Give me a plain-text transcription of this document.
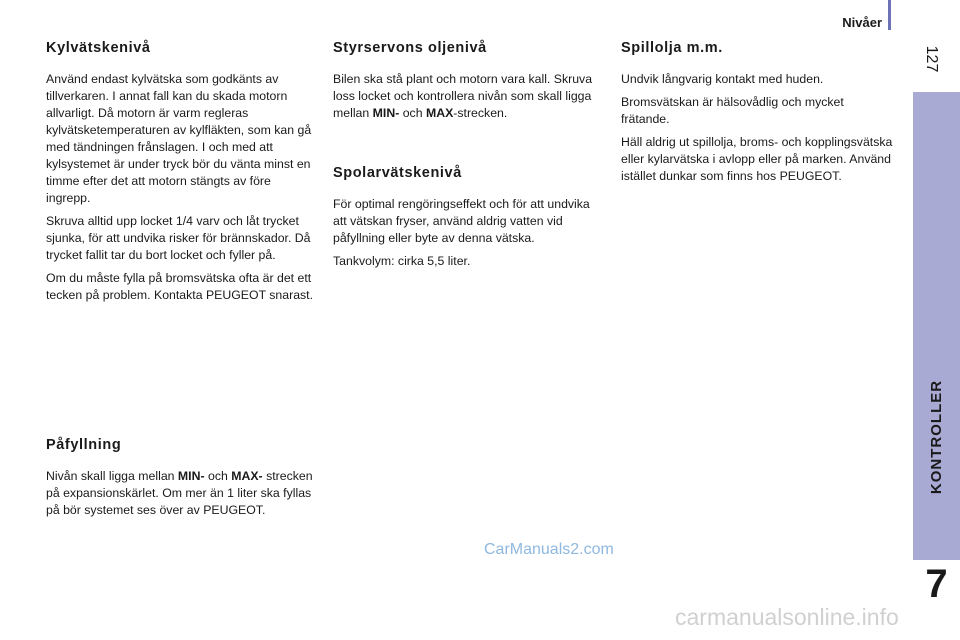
Nivåer
127
KONTROLLER
7
Kylvätskenivå

Använd endast kylvätska som godkänts av tillverkaren. I annat fall kan du skada motorn allvarligt. Då motorn är varm regleras kylvätsketemperaturen av kylfläkten, som kan gå med tändningen frånslagen. I och med att kylsystemet är under tryck bör du vänta minst en timme efter det att motorn stängts av före ingrepp.

Skruva alltid upp locket 1/4 varv och låt trycket sjunka, för att undvika risker för brännskador. Då trycket fallit tar du bort locket och fyller på.

Om du måste fylla på bromsvätska ofta är det ett tecken på problem. Kontakta PEUGEOT snarast.

Påfyllning

Nivån skall ligga mellan MIN- och MAX- strecken på expansionskärlet. Om mer än 1 liter ska fyllas på bör systemet ses över av PEUGEOT.

Styrservons oljenivå

Bilen ska stå plant och motorn vara kall. Skruva loss locket och kontrollera nivån som skall ligga mellan MIN- och MAX-strecken.

Spolarvätskenivå

För optimal rengöringseffekt och för att undvika att vätskan fryser, använd aldrig vatten vid påfyllning eller byte av denna vätska.

Tankvolym: cirka 5,5 liter.

Spillolja m.m.

Undvik långvarig kontakt med huden.

Bromsvätskan är hälsovådlig och mycket frätande.

Häll aldrig ut spillolja, broms- och kopplingsvätska eller kylarvätska i avlopp eller på marken. Använd istället dunkar som finns hos PEUGEOT.

CarManuals2.com
carmanualsonline.info
